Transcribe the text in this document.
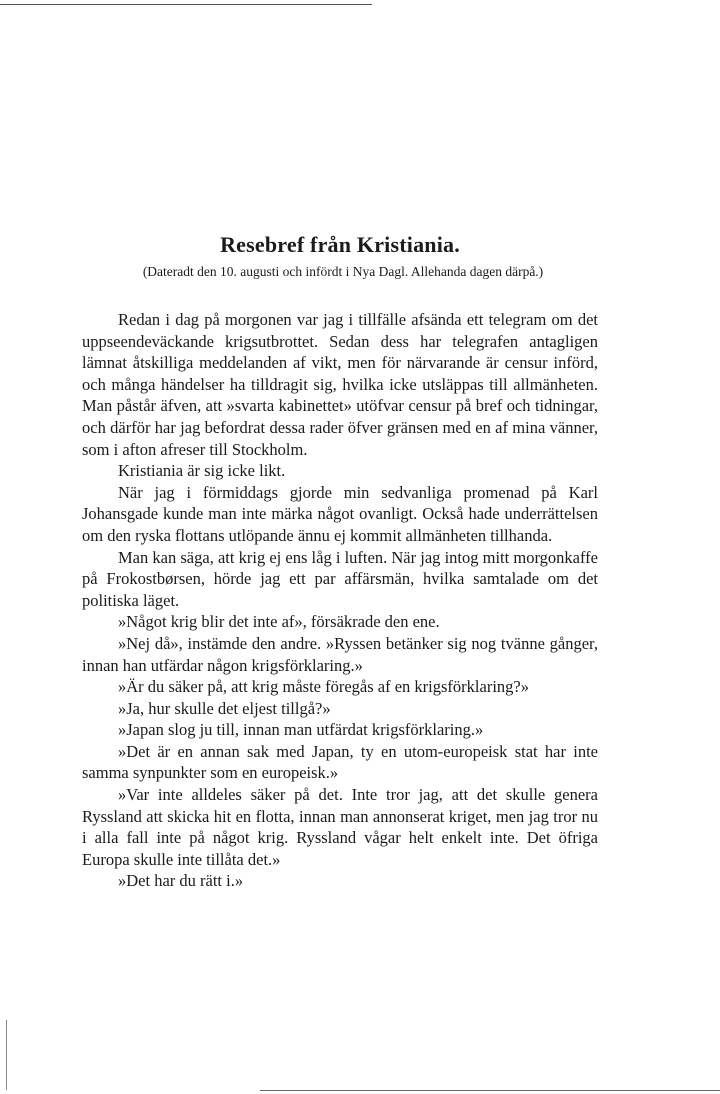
Resebref från Kristiania.
(Dateradt den 10. augusti och infördt i Nya Dagl. Allehanda dagen därpå.)

Redan i dag på morgonen var jag i tillfälle afsända ett telegram om det uppseendeväckande krigsutbrottet. Sedan dess har telegrafen antagligen lämnat åtskilliga meddelanden af vikt, men för närvarande är censur införd, och många händelser ha tilldragit sig, hvilka icke utsläppas till allmänheten. Man påstår äfven, att »svarta kabinettet» utöfvar censur på bref och tidningar, och därför har jag befordrat dessa rader öfver gränsen med en af mina vänner, som i afton afreser till Stockholm.

Kristiania är sig icke likt.

När jag i förmiddags gjorde min sedvanliga promenad på Karl Johansgade kunde man inte märka något ovanligt. Också hade underrättelsen om den ryska flottans utlöpande ännu ej kommit allmänheten tillhanda.

Man kan säga, att krig ej ens låg i luften. När jag intog mitt morgonkaffe på Frokostbørsen, hörde jag ett par affärsmän, hvilka samtalade om det politiska läget.

»Något krig blir det inte af», försäkrade den ene.

»Nej då», instämde den andre. »Ryssen betänker sig nog tvänne gånger, innan han utfärdar någon krigsförklaring.»

»Är du säker på, att krig måste föregås af en krigsförklaring?»

»Ja, hur skulle det eljest tillgå?»

»Japan slog ju till, innan man utfärdat krigsförklaring.»

»Det är en annan sak med Japan, ty en utom-europeisk stat har inte samma synpunkter som en europeisk.»

»Var inte alldeles säker på det. Inte tror jag, att det skulle genera Ryssland att skicka hit en flotta, innan man annonserat kriget, men jag tror nu i alla fall inte på något krig. Ryssland vågar helt enkelt inte. Det öfriga Europa skulle inte tillåta det.»

»Det har du rätt i.»
